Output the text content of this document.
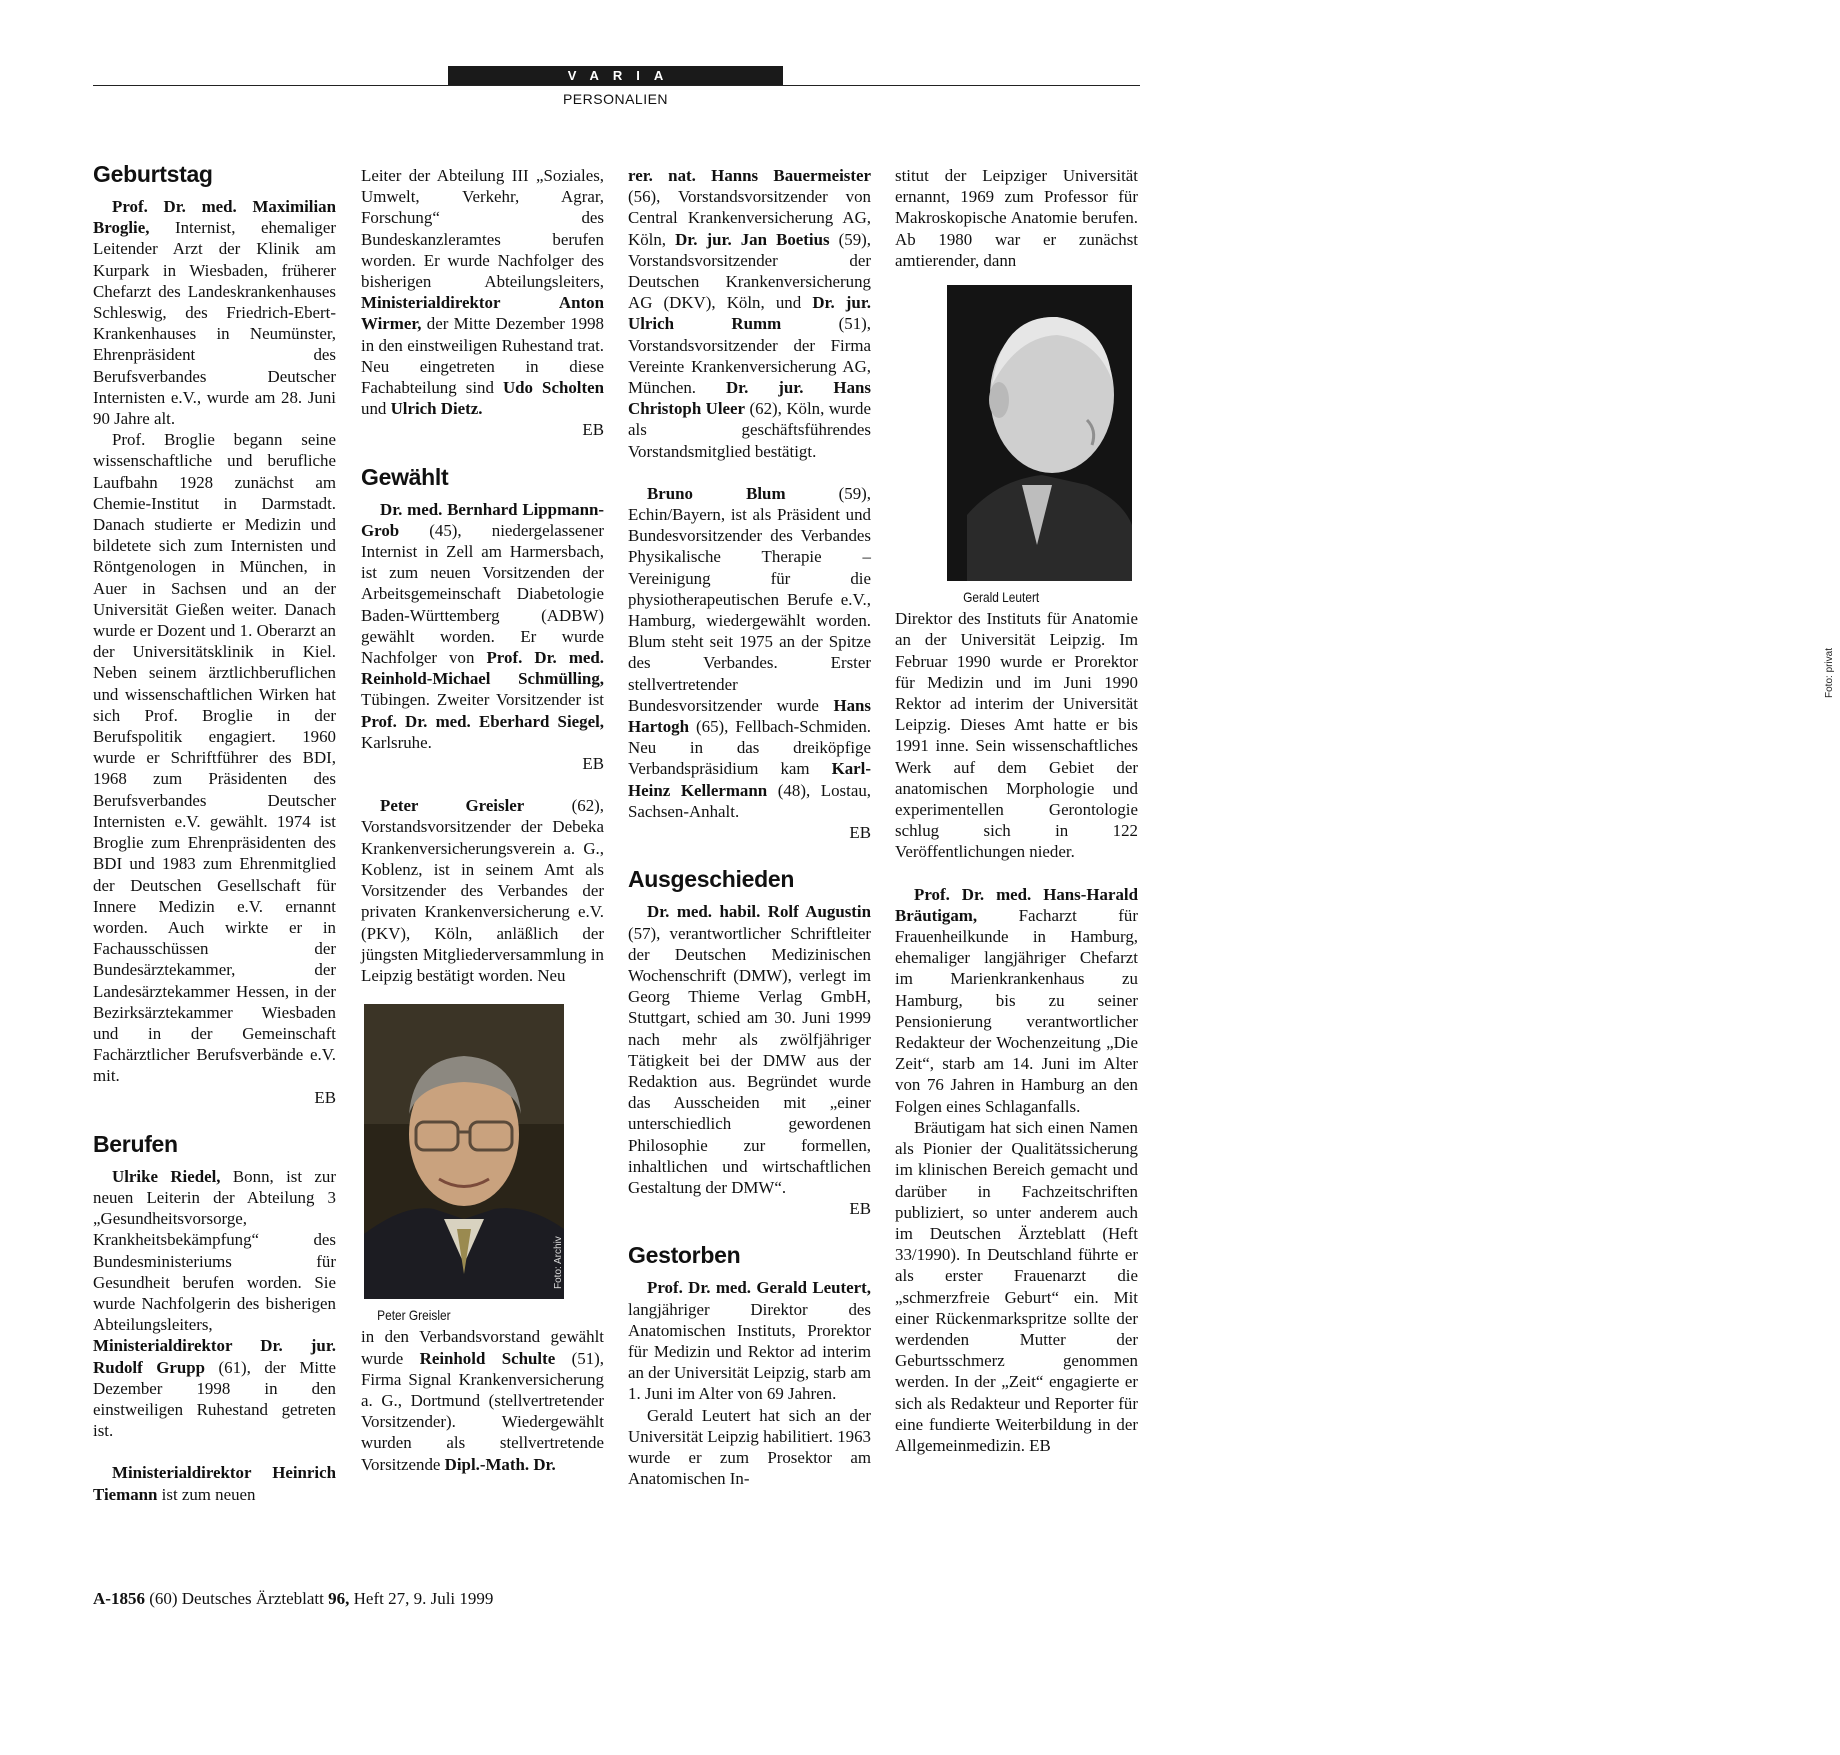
VARIA
PERSONALIEN
Geburtstag

Prof. Dr. med. Maximilian Broglie, Internist, ehemaliger Leitender Arzt der Klinik am Kurpark in Wiesbaden, früherer Chefarzt des Landeskrankenhauses Schleswig, des Friedrich-Ebert-Krankenhauses in Neumünster, Ehrenpräsident des Berufsverbandes Deutscher Internisten e.V., wurde am 28. Juni 90 Jahre alt.

Prof. Broglie begann seine wissenschaftliche und berufliche Laufbahn 1928 zunächst am Chemie-Institut in Darmstadt. Danach studierte er Medizin und bildetete sich zum Internisten und Röntgenologen in München, in Auer in Sachsen und an der Universität Gießen weiter. Danach wurde er Dozent und 1. Oberarzt an der Universitätsklinik in Kiel. Neben seinem ärztlichberuflichen und wissenschaftlichen Wirken hat sich Prof. Broglie in der Berufspolitik engagiert. 1960 wurde er Schriftführer des BDI, 1968 zum Präsidenten des Berufsverbandes Deutscher Internisten e.V. gewählt. 1974 ist Broglie zum Ehrenpräsidenten des BDI und 1983 zum Ehrenmitglied der Deutschen Gesellschaft für Innere Medizin e.V. ernannt worden. Auch wirkte er in Fachausschüssen der Bundesärztekammer, der Landesärztekammer Hessen, in der Bezirksärztekammer Wiesbaden und in der Gemeinschaft Fachärztlicher Berufsverbände e.V. mit.

EB

Berufen

Ulrike Riedel, Bonn, ist zur neuen Leiterin der Abteilung 3 „Gesundheitsvorsorge, Krankheitsbekämpfung“ des Bundesministeriums für Gesundheit berufen worden. Sie wurde Nachfolgerin des bisherigen Abteilungsleiters, Ministerialdirektor Dr. jur. Rudolf Grupp (61), der Mitte Dezember 1998 in den einstweiligen Ruhestand getreten ist.

Ministerialdirektor Heinrich Tiemann ist zum neuen

Leiter der Abteilung III „Soziales, Umwelt, Verkehr, Agrar, Forschung“ des Bundeskanzleramtes berufen worden. Er wurde Nachfolger des bisherigen Abteilungsleiters, Ministerialdirektor Anton Wirmer, der Mitte Dezember 1998 in den einstweiligen Ruhestand trat. Neu eingetreten in diese Fachabteilung sind Udo Scholten und Ulrich Dietz.

EB

Gewählt

Dr. med. Bernhard Lippmann-Grob (45), niedergelassener Internist in Zell am Harmersbach, ist zum neuen Vorsitzenden der Arbeitsgemeinschaft Diabetologie Baden-Württemberg (ADBW) gewählt worden. Er wurde Nachfolger von Prof. Dr. med. Reinhold-Michael Schmülling, Tübingen. Zweiter Vorsitzender ist Prof. Dr. med. Eberhard Siegel, Karlsruhe.

EB

Peter Greisler (62), Vorstandsvorsitzender der Debeka Krankenversicherungsverein a. G., Koblenz, ist in seinem Amt als Vorsitzender des Verbandes der privaten Krankenversicherung e.V. (PKV), Köln, anläßlich der jüngsten Mitgliederversammlung in Leipzig bestätigt worden. Neu

Foto: Archiv

Peter Greisler

in den Verbandsvorstand gewählt wurde Reinhold Schulte (51), Firma Signal Krankenversicherung a. G., Dortmund (stellvertretender Vorsitzender). Wiedergewählt wurden als stellvertretende Vorsitzende Dipl.-Math. Dr.

rer. nat. Hanns Bauermeister (56), Vorstandsvorsitzender von Central Krankenversicherung AG, Köln, Dr. jur. Jan Boetius (59), Vorstandsvorsitzender der Deutschen Krankenversicherung AG (DKV), Köln, und Dr. jur. Ulrich Rumm (51), Vorstandsvorsitzender der Firma Vereinte Krankenversicherung AG, München. Dr. jur. Hans Christoph Uleer (62), Köln, wurde als geschäftsführendes Vorstandsmitglied bestätigt.

Bruno Blum (59), Echin/Bayern, ist als Präsident und Bundesvorsitzender des Verbandes Physikalische Therapie – Vereinigung für die physiotherapeutischen Berufe e.V., Hamburg, wiedergewählt worden. Blum steht seit 1975 an der Spitze des Verbandes. Erster stellvertretender Bundesvorsitzender wurde Hans Hartogh (65), Fellbach-Schmiden. Neu in das dreiköpfige Verbandspräsidium kam Karl-Heinz Kellermann (48), Lostau, Sachsen-Anhalt.

EB

Ausgeschieden

Dr. med. habil. Rolf Augustin (57), verantwortlicher Schriftleiter der Deutschen Medizinischen Wochenschrift (DMW), verlegt im Georg Thieme Verlag GmbH, Stuttgart, schied am 30. Juni 1999 nach mehr als zwölfjähriger Tätigkeit bei der DMW aus der Redaktion aus. Begründet wurde das Ausscheiden mit „einer unterschiedlich gewordenen Philosophie zur formellen, inhaltlichen und wirtschaftlichen Gestaltung der DMW“.

EB

Gestorben

Prof. Dr. med. Gerald Leutert, langjähriger Direktor des Anatomischen Instituts, Prorektor für Medizin und Rektor ad interim an der Universität Leipzig, starb am 1. Juni im Alter von 69 Jahren.

Gerald Leutert hat sich an der Universität Leipzig habilitiert. 1963 wurde er zum Prosektor am Anatomischen In-

stitut der Leipziger Universität ernannt, 1969 zum Professor für Makroskopische Anatomie berufen. Ab 1980 war er zunächst amtierender, dann

Foto: privat

Gerald Leutert

Direktor des Instituts für Anatomie an der Universität Leipzig. Im Februar 1990 wurde er Prorektor für Medizin und im Juni 1990 Rektor ad interim der Universität Leipzig. Dieses Amt hatte er bis 1991 inne. Sein wissenschaftliches Werk auf dem Gebiet der anatomischen Morphologie und experimentellen Gerontologie schlug sich in 122 Veröffentlichungen nieder.

Prof. Dr. med. Hans-Harald Bräutigam, Facharzt für Frauenheilkunde in Hamburg, ehemaliger langjähriger Chefarzt im Marienkrankenhaus zu Hamburg, bis zu seiner Pensionierung verantwortlicher Redakteur der Wochenzeitung „Die Zeit“, starb am 14. Juni im Alter von 76 Jahren in Hamburg an den Folgen eines Schlaganfalls.

Bräutigam hat sich einen Namen als Pionier der Qualitätssicherung im klinischen Bereich gemacht und darüber in Fachzeitschriften publiziert, so unter anderem auch im Deutschen Ärzteblatt (Heft 33/1990). In Deutschland führte er als erster Frauenarzt die „schmerzfreie Geburt“ ein. Mit einer Rückenmarkspritze sollte der werdenden Mutter der Geburtsschmerz genommen werden. In der „Zeit“ engagierte er sich als Redakteur und Reporter für eine fundierte Weiterbildung in der Allgemeinmedizin. EB

A-1856 (60) Deutsches Ärzteblatt 96, Heft 27, 9. Juli 1999
